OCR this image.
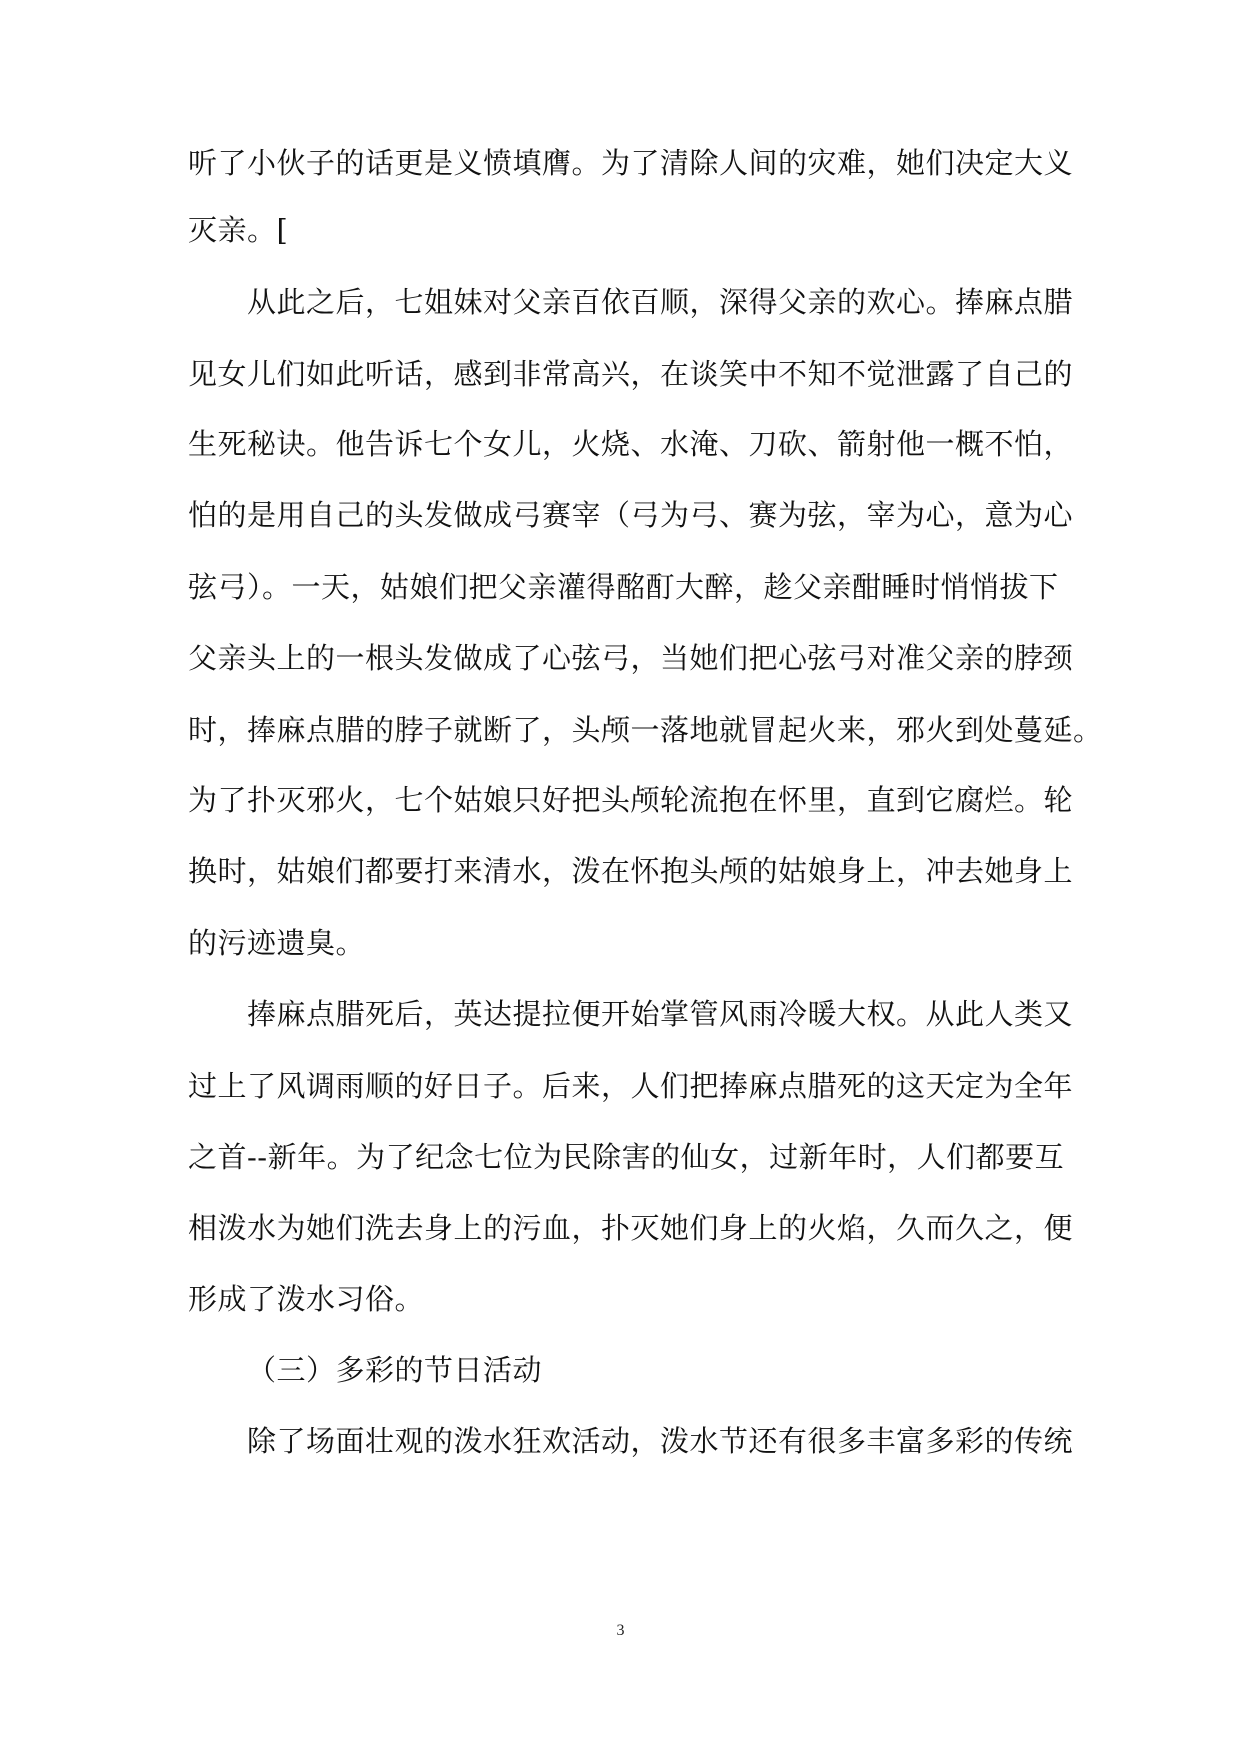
听了小伙子的话更是义愤填膺。为了清除人间的灾难，她们决定大义
灭亲。[
从此之后，七姐妹对父亲百依百顺，深得父亲的欢心。捧麻点腊
见女儿们如此听话，感到非常高兴，在谈笑中不知不觉泄露了自己的
生死秘诀。他告诉七个女儿，火烧、水淹、刀砍、箭射他一概不怕，
怕的是用自己的头发做成弓赛宰（弓为弓、赛为弦，宰为心，意为心
弦弓）。一天，姑娘们把父亲灌得酩酊大醉，趁父亲酣睡时悄悄拔下
父亲头上的一根头发做成了心弦弓，当她们把心弦弓对准父亲的脖颈
时，捧麻点腊的脖子就断了，头颅一落地就冒起火来，邪火到处蔓延。
为了扑灭邪火，七个姑娘只好把头颅轮流抱在怀里，直到它腐烂。轮
换时，姑娘们都要打来清水，泼在怀抱头颅的姑娘身上，冲去她身上
的污迹遗臭。
捧麻点腊死后，英达提拉便开始掌管风雨冷暖大权。从此人类又
过上了风调雨顺的好日子。后来，人们把捧麻点腊死的这天定为全年
之首--新年。为了纪念七位为民除害的仙女，过新年时，人们都要互
相泼水为她们洗去身上的污血，扑灭她们身上的火焰，久而久之，便
形成了泼水习俗。
（三）多彩的节日活动
除了场面壮观的泼水狂欢活动，泼水节还有很多丰富多彩的传统
3
